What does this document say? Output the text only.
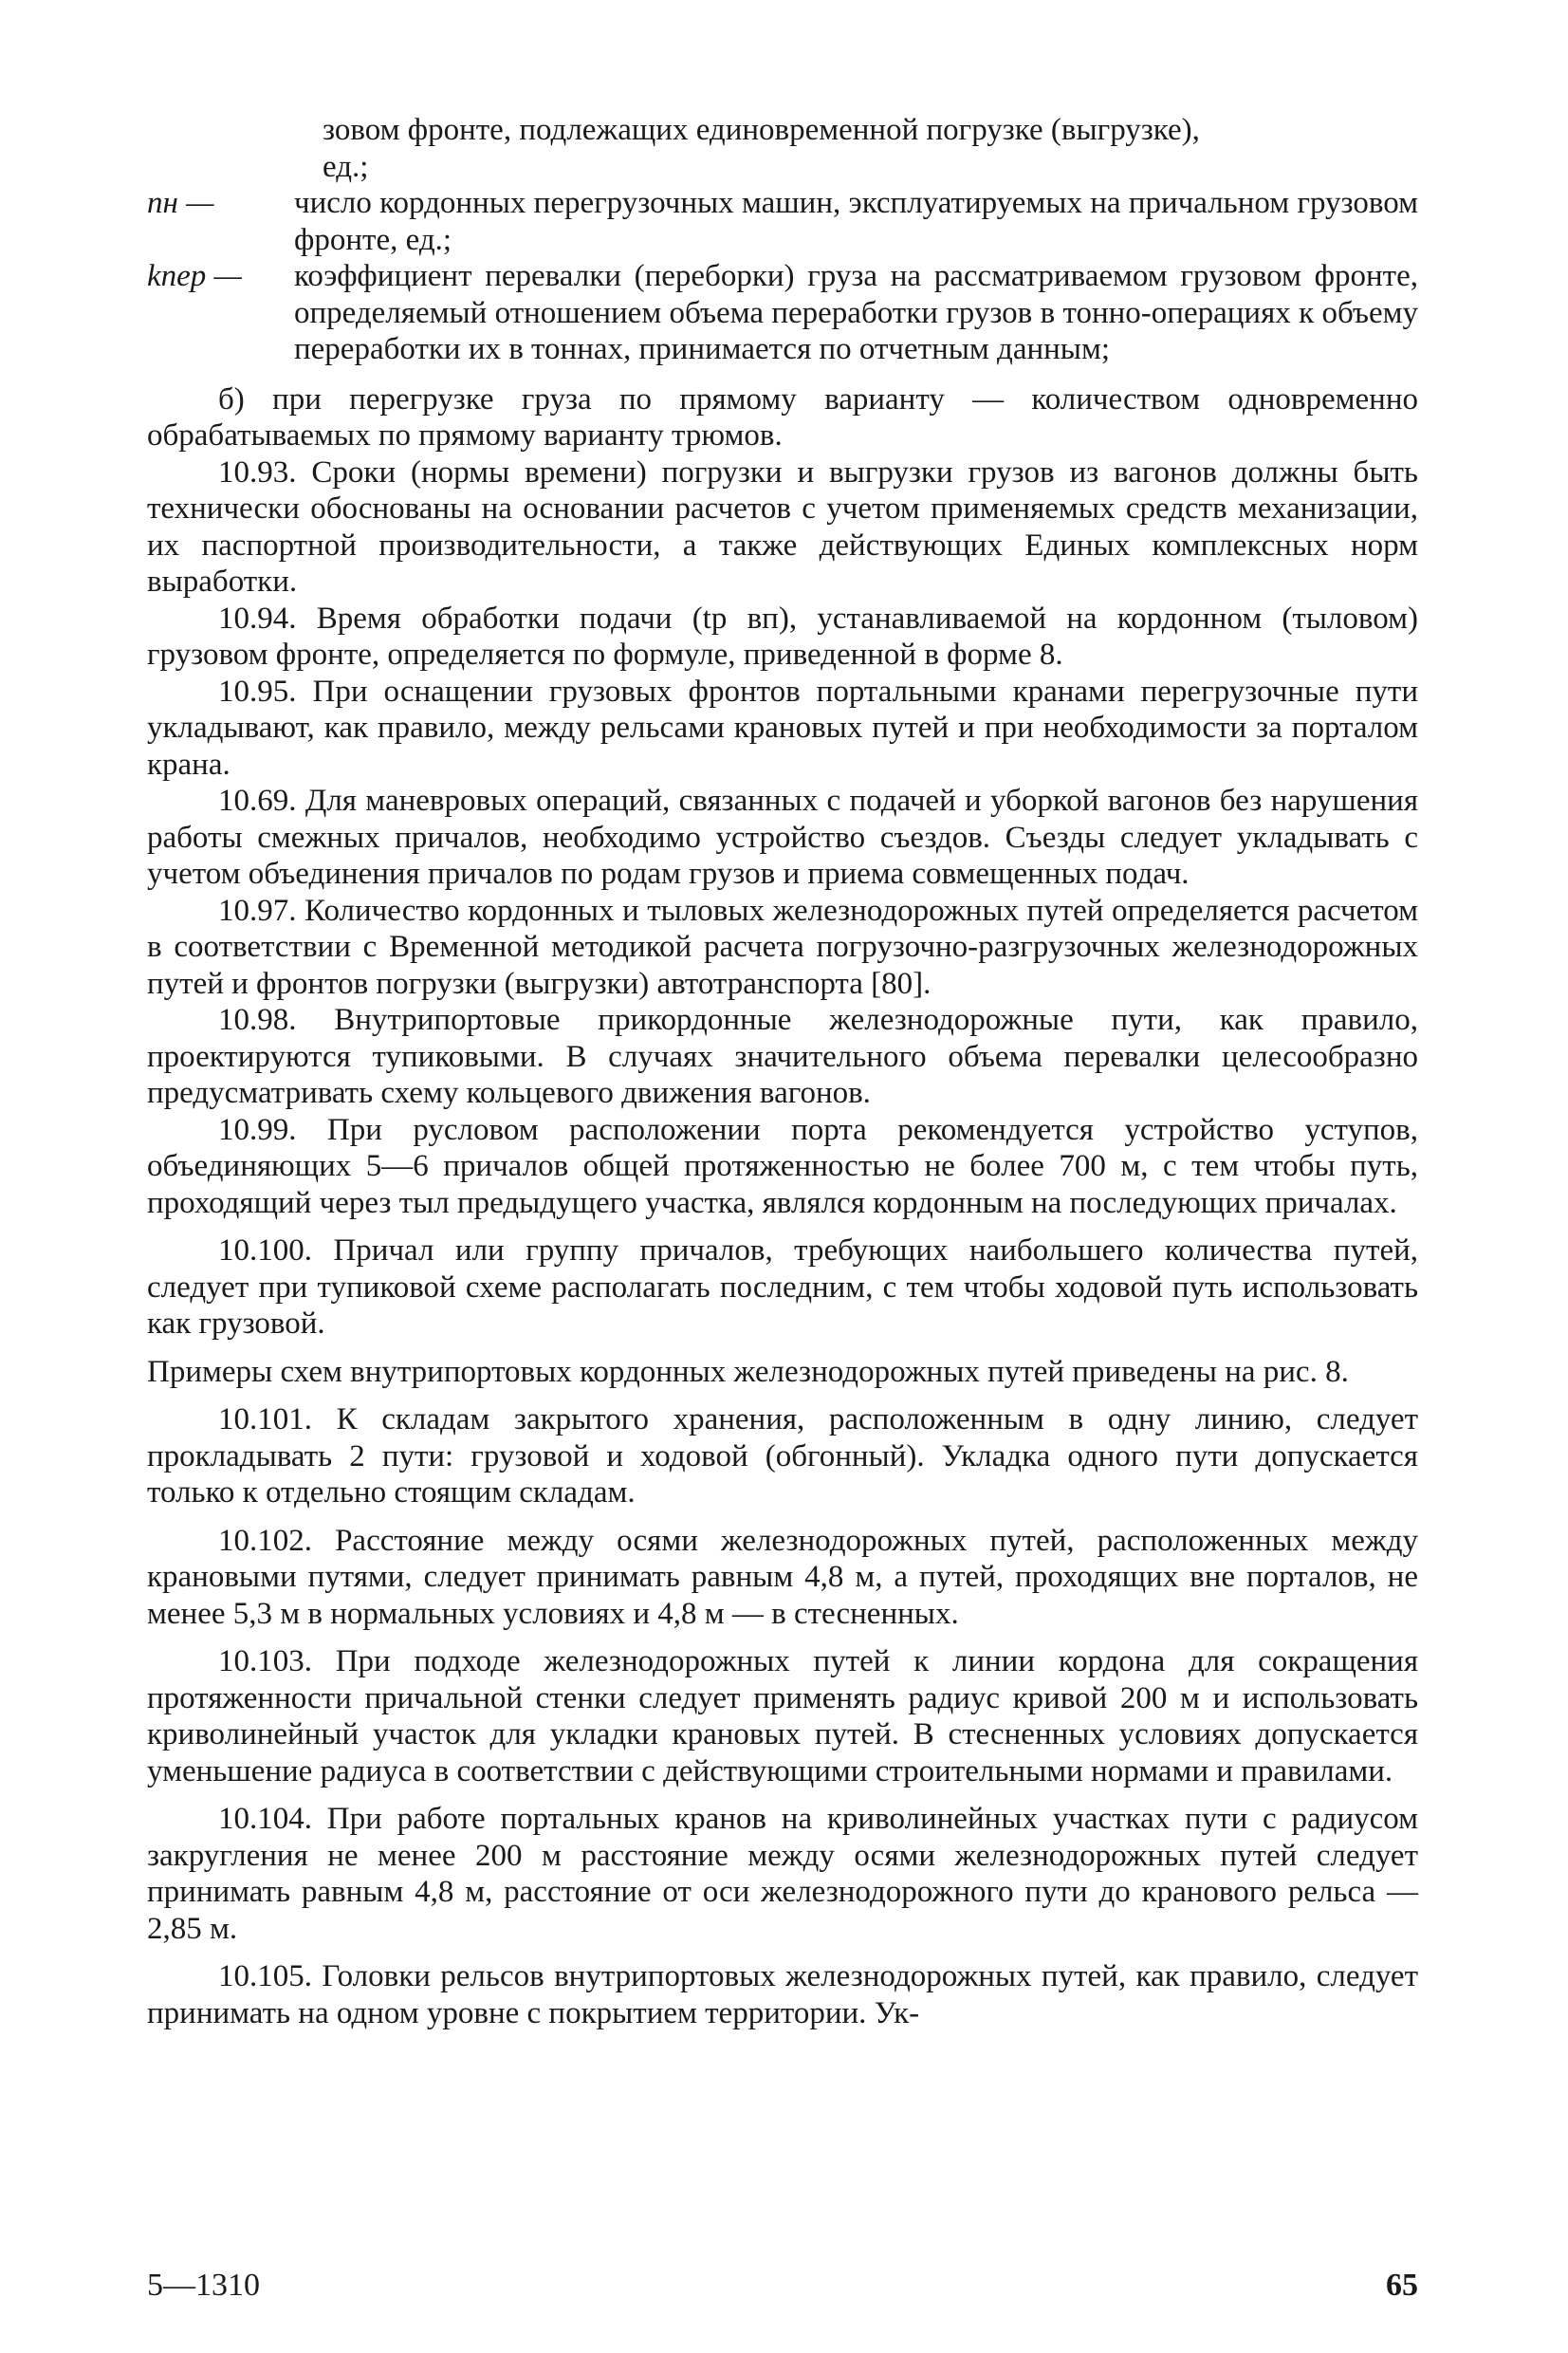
зовом фронте, подлежащих единовременной погрузке (выгрузке),
ед.;
nн —	число кордонных перегрузочных машин, эксплуатируемых на причальном грузовом фронте, ед.;
kпер —	коэффициент перевалки (переборки) груза на рассматриваемом грузовом фронте, определяемый отношением объема переработки грузов в тонно-операциях к объему переработки их в тоннах, принимается по отчетным данным;

б) при перегрузке груза по прямому варианту — количеством одновременно обрабатываемых по прямому варианту трюмов.

10.93. Сроки (нормы времени) погрузки и выгрузки грузов из вагонов должны быть технически обоснованы на основании расчетов с учетом применяемых средств механизации, их паспортной производительности, а также действующих Единых комплексных норм выработки.

10.94. Время обработки подачи (tр вп), устанавливаемой на кордонном (тыловом) грузовом фронте, определяется по формуле, приведенной в форме 8.

10.95. При оснащении грузовых фронтов портальными кранами перегрузочные пути укладывают, как правило, между рельсами крановых путей и при необходимости за порталом крана.

10.69. Для маневровых операций, связанных с подачей и уборкой вагонов без нарушения работы смежных причалов, необходимо устройство съездов. Съезды следует укладывать с учетом объединения причалов по родам грузов и приема совмещенных подач.

10.97. Количество кордонных и тыловых железнодорожных путей определяется расчетом в соответствии с Временной методикой расчета погрузочно-разгрузочных железнодорожных путей и фронтов погрузки (выгрузки) автотранспорта [80].

10.98. Внутрипортовые прикордонные железнодорожные пути, как правило, проектируются тупиковыми. В случаях значительного объема перевалки целесообразно предусматривать схему кольцевого движения вагонов.

10.99. При русловом расположении порта рекомендуется устройство уступов, объединяющих 5—6 причалов общей протяженностью не более 700 м, с тем чтобы путь, проходящий через тыл предыдущего участка, являлся кордонным на последующих причалах.

10.100. Причал или группу причалов, требующих наибольшего количества путей, следует при тупиковой схеме располагать последним, с тем чтобы ходовой путь использовать как грузовой.

Примеры схем внутрипортовых кордонных железнодорожных путей приведены на рис. 8.

10.101. К складам закрытого хранения, расположенным в одну линию, следует прокладывать 2 пути: грузовой и ходовой (обгонный). Укладка одного пути допускается только к отдельно стоящим складам.

10.102. Расстояние между осями железнодорожных путей, расположенных между крановыми путями, следует принимать равным 4,8 м, а путей, проходящих вне порталов, не менее 5,3 м в нормальных условиях и 4,8 м — в стесненных.

10.103. При подходе железнодорожных путей к линии кордона для сокращения протяженности причальной стенки следует применять радиус кривой 200 м и использовать криволинейный участок для укладки крановых путей. В стесненных условиях допускается уменьшение радиуса в соответствии с действующими строительными нормами и правилами.

10.104. При работе портальных кранов на криволинейных участках пути с радиусом закругления не менее 200 м расстояние между осями железнодорожных путей следует принимать равным 4,8 м, расстояние от оси железнодорожного пути до кранового рельса — 2,85 м.

10.105. Головки рельсов внутрипортовых железнодорожных путей, как правило, следует принимать на одном уровне с покрытием территории. Ук-

5—1310	65
